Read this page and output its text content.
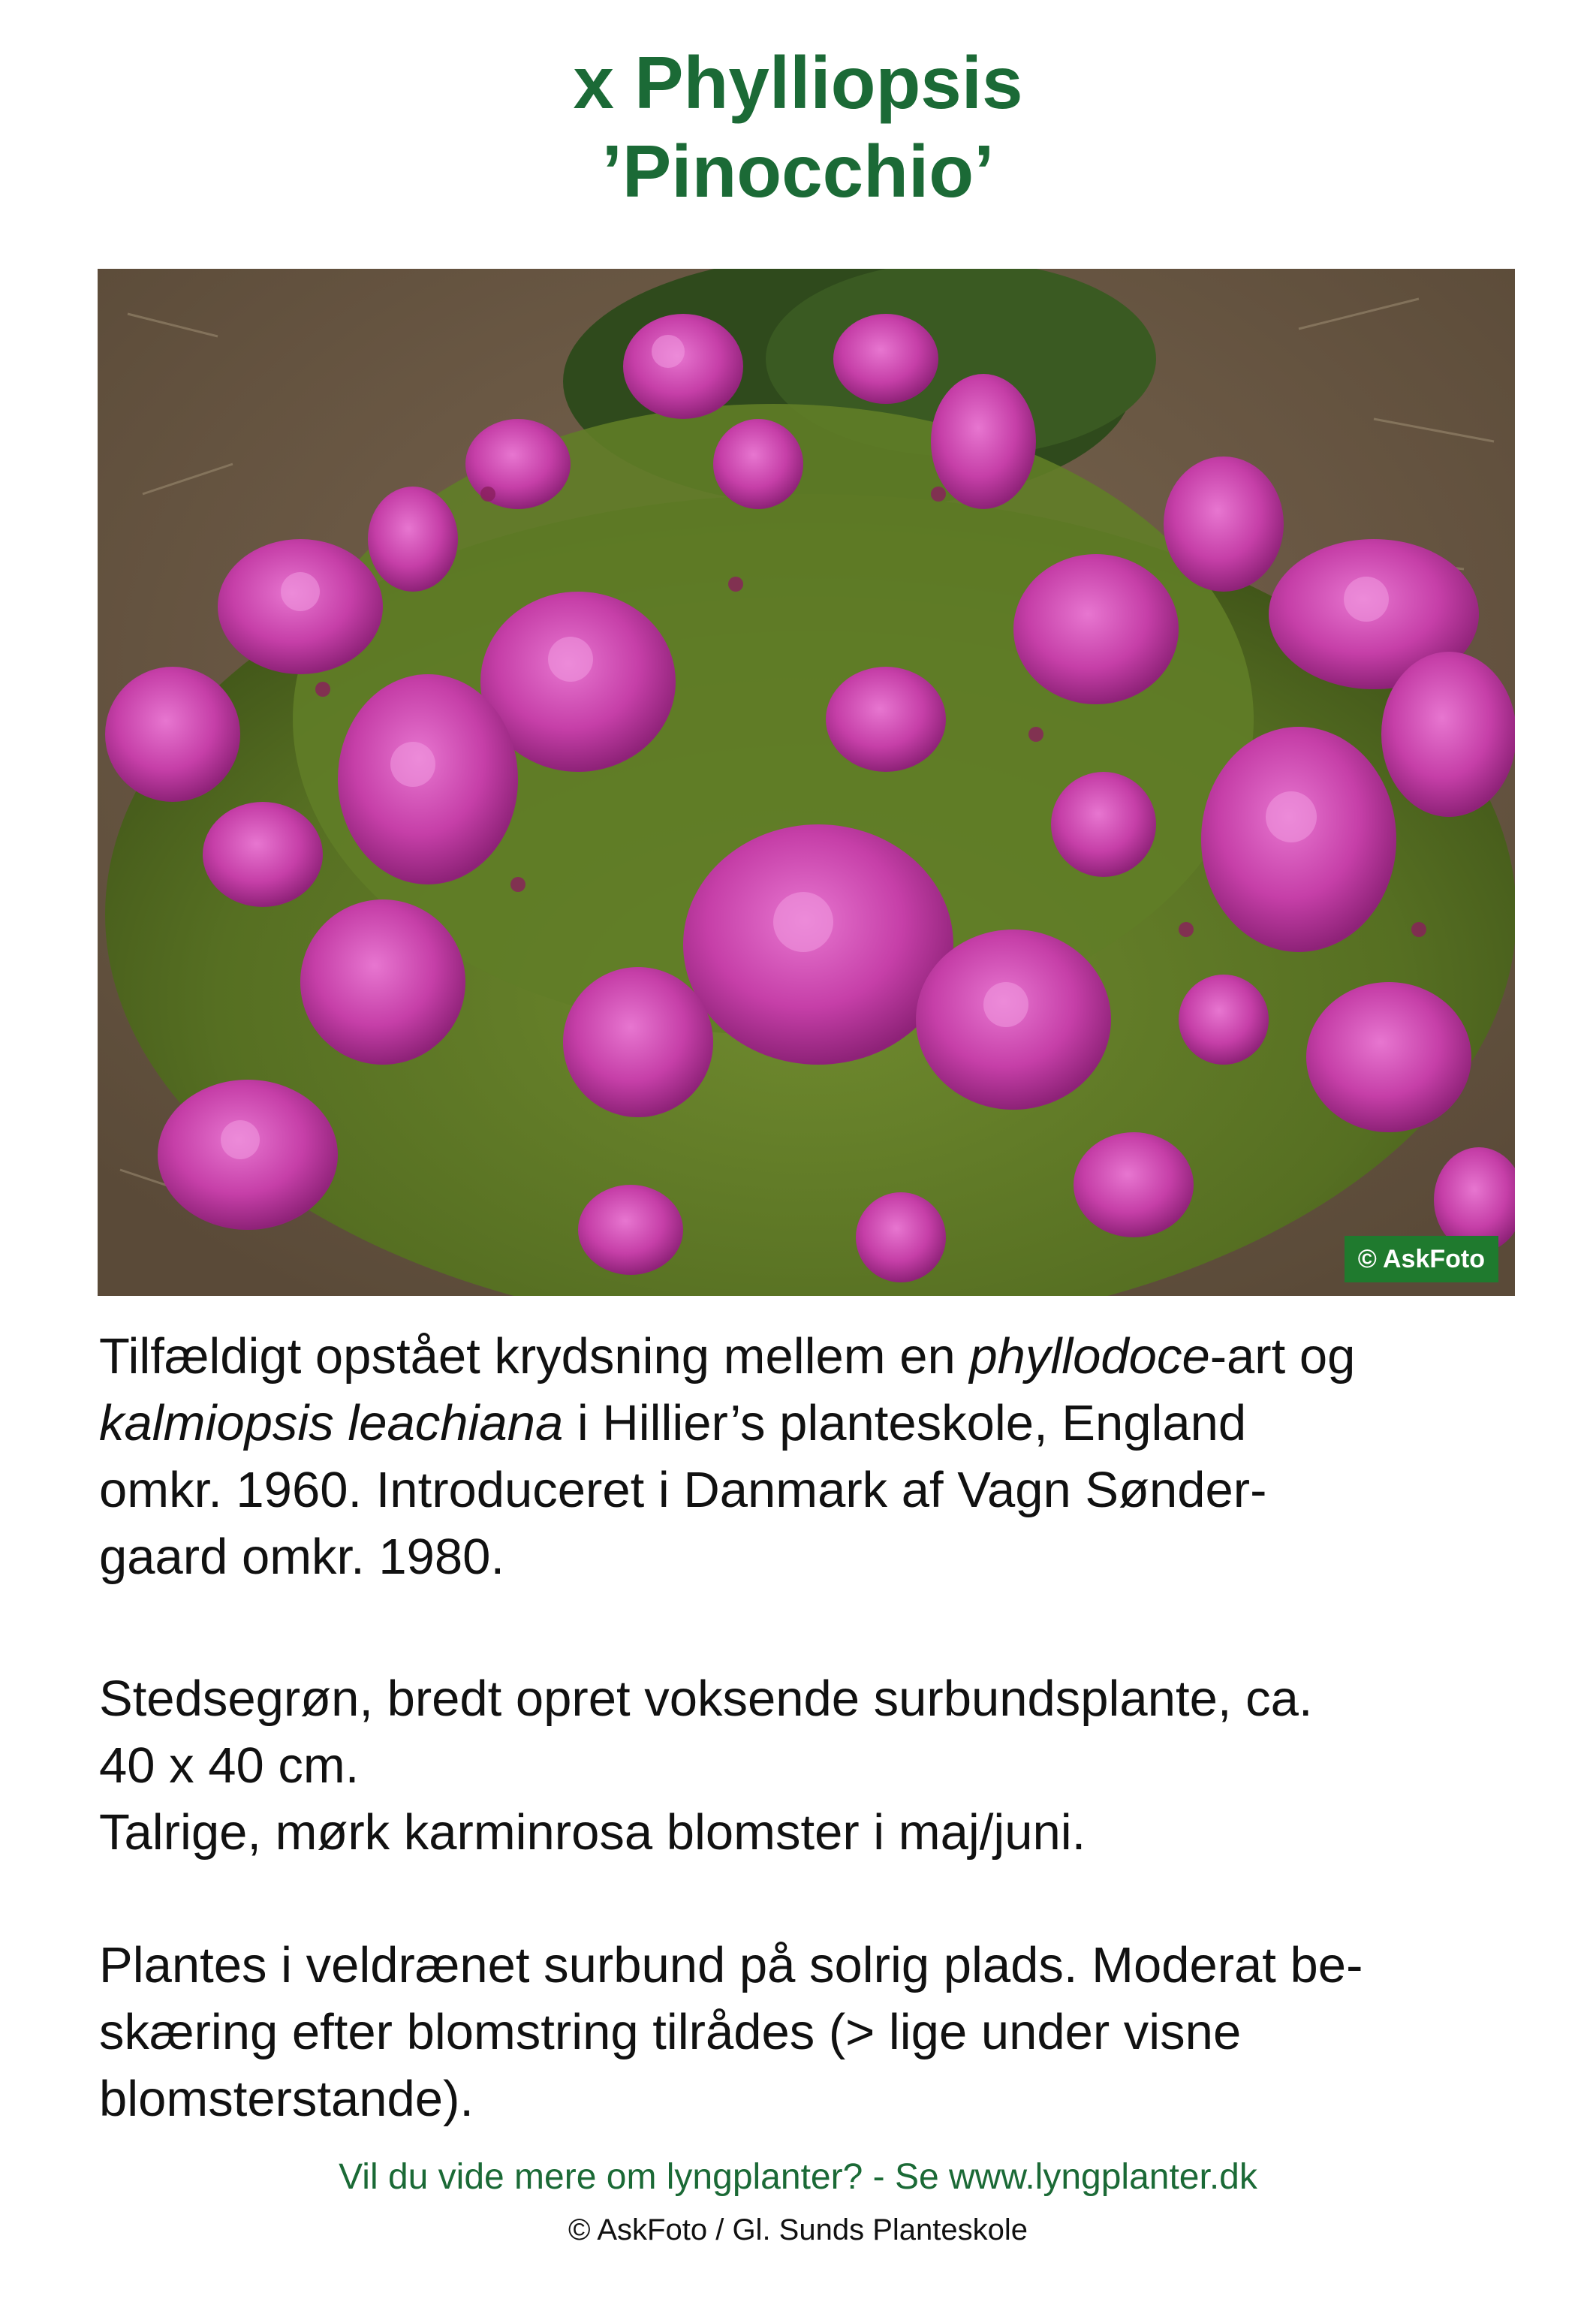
x Phylliopsis
’Pinocchio’
© AskFoto

Tilfældigt opstået krydsning mellem en phyllodoce-art og
kalmiopsis leachiana i Hillier’s planteskole, England
omkr. 1960. Introduceret i Danmark af Vagn Sønder-
gaard omkr. 1980.

Stedsegrøn, bredt opret voksende surbundsplante, ca.
40 x 40 cm.
Talrige, mørk karminrosa blomster i maj/juni.

Plantes i veldrænet surbund på solrig plads. Moderat be-
skæring efter blomstring tilrådes (> lige under visne
blomsterstande).

Vil du vide mere om lyngplanter? - Se www.lyngplanter.dk

© AskFoto / Gl. Sunds Planteskole
